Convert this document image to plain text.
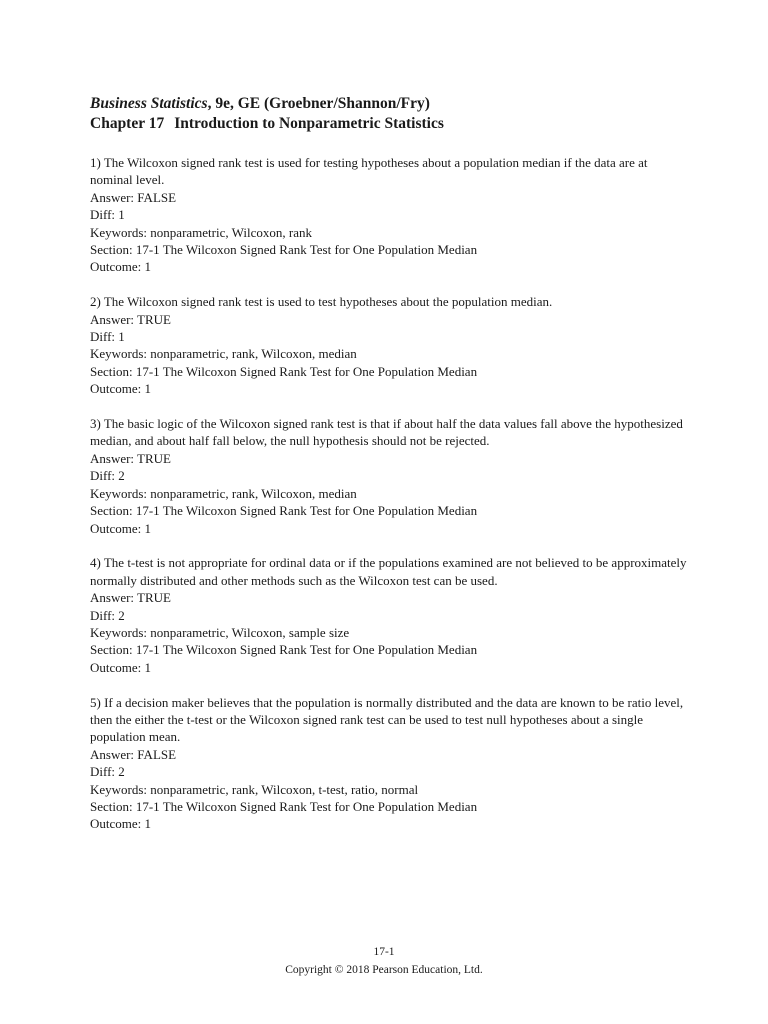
Business Statistics, 9e, GE (Groebner/Shannon/Fry)
Chapter 17 Introduction to Nonparametric Statistics
1) The Wilcoxon signed rank test is used for testing hypotheses about a population median if the data are at nominal level.
Answer: FALSE
Diff: 1
Keywords: nonparametric, Wilcoxon, rank
Section: 17-1 The Wilcoxon Signed Rank Test for One Population Median
Outcome: 1
2) The Wilcoxon signed rank test is used to test hypotheses about the population median.
Answer: TRUE
Diff: 1
Keywords: nonparametric, rank, Wilcoxon, median
Section: 17-1 The Wilcoxon Signed Rank Test for One Population Median
Outcome: 1
3) The basic logic of the Wilcoxon signed rank test is that if about half the data values fall above the hypothesized median, and about half fall below, the null hypothesis should not be rejected.
Answer: TRUE
Diff: 2
Keywords: nonparametric, rank, Wilcoxon, median
Section: 17-1 The Wilcoxon Signed Rank Test for One Population Median
Outcome: 1
4) The t-test is not appropriate for ordinal data or if the populations examined are not believed to be approximately normally distributed and other methods such as the Wilcoxon test can be used.
Answer: TRUE
Diff: 2
Keywords: nonparametric, Wilcoxon, sample size
Section: 17-1 The Wilcoxon Signed Rank Test for One Population Median
Outcome: 1
5) If a decision maker believes that the population is normally distributed and the data are known to be ratio level, then the either the t-test or the Wilcoxon signed rank test can be used to test null hypotheses about a single population mean.
Answer: FALSE
Diff: 2
Keywords: nonparametric, rank, Wilcoxon, t-test, ratio, normal
Section: 17-1 The Wilcoxon Signed Rank Test for One Population Median
Outcome: 1
17-1
Copyright © 2018 Pearson Education, Ltd.
